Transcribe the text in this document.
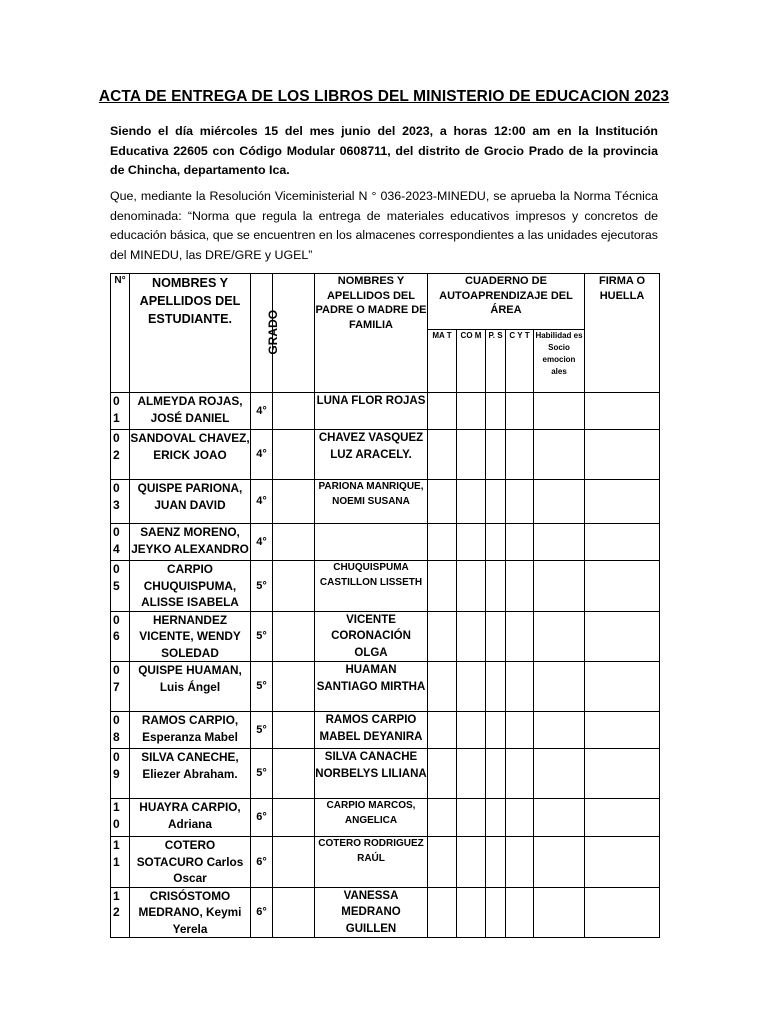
ACTA DE ENTREGA DE LOS LIBROS DEL MINISTERIO DE EDUCACION 2023
Siendo el día miércoles 15 del mes junio del 2023, a horas 12:00 am en la Institución Educativa 22605 con Código Modular 0608711, del distrito de Grocio Prado de la provincia de Chincha, departamento Ica.
Que, mediante la Resolución Viceministerial N ° 036-2023-MINEDU, se aprueba la Norma Técnica denominada: “Norma que regula la entrega de materiales educativos impresos y concretos de educación básica, que se encuentren en los almacenes correspondientes a las unidades ejecutoras del MINEDU, las DRE/GRE y UGEL”
N°	NOMBRES Y APELLIDOS DEL ESTUDIANTE.	GRADO		NOMBRES Y APELLIDOS DEL PADRE O MADRE DE FAMILIA	CUADERNO DE AUTOAPRENDIZAJE DEL ÁREA					FIRMA O HUELLA
					MA T	CO M	P. S	C Y T	Habilidad es Socio emocion ales	
0 1	ALMEYDA ROJAS, JOSÉ DANIEL	4°		LUNA FLOR ROJAS						
0 2	SANDOVAL CHAVEZ, ERICK JOAO	4°		CHAVEZ VASQUEZ LUZ ARACELY.						
0 3	QUISPE PARIONA, JUAN DAVID	4°		PARIONA MANRIQUE, NOEMI SUSANA						
0 4	SAENZ MORENO, JEYKO ALEXANDRO	4°								
0 5	CARPIO CHUQUISPUMA, ALISSE ISABELA	5°		CHUQUISPUMA CASTILLON LISSETH						
0 6	HERNANDEZ VICENTE, WENDY SOLEDAD	5°		VICENTE CORONACIÓN OLGA						
0 7	QUISPE HUAMAN, Luis Ángel	5°		HUAMAN SANTIAGO MIRTHA						
0 8	RAMOS CARPIO, Esperanza Mabel	5°		RAMOS CARPIO MABEL DEYANIRA						
0 9	SILVA CANECHE, Eliezer Abraham.	5°		SILVA CANACHE NORBELYS LILIANA						
1 0	HUAYRA CARPIO, Adriana	6°		CARPIO MARCOS, ANGELICA						
1 1	COTERO SOTACURO Carlos Oscar	6°		COTERO RODRIGUEZ RAÚL						
1 2	CRISÓSTOMO MEDRANO, Keymi Yerela	6°		VANESSA MEDRANO GUILLEN						
